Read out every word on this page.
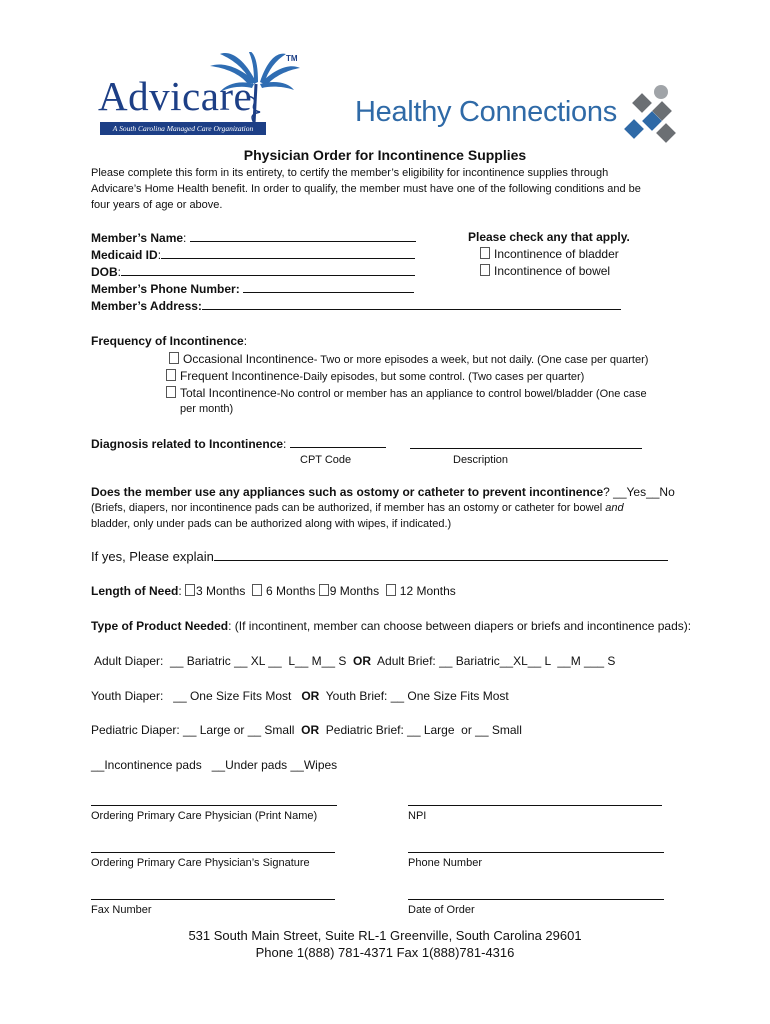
Advicare
TM
A South Carolina Managed Care Organization
Healthy Connections
Physician Order for Incontinence Supplies
Please complete this form in its entirety, to certify the member’s eligibility for incontinence supplies through
Advicare’s Home Health benefit. In order to qualify, the member must have one of the following conditions and be
four years of age or above.
Member’s Name:
Medicaid ID:
DOB:
Member’s Phone Number:
Member’s Address:
Please check any that apply.
Incontinence of bladder
Incontinence of bowel
Frequency of Incontinence:
Occasional Incontinence- Two or more episodes a week, but not daily. (One case per quarter)
Frequent Incontinence-Daily episodes, but some control. (Two cases per quarter)
Total Incontinence-No control or member has an appliance to control bowel/bladder (One case
per month)
Diagnosis related to Incontinence:
CPT Code	Description
Does the member use any appliances such as ostomy or catheter to prevent incontinence? __Yes__No
(Briefs, diapers, nor incontinence pads can be authorized, if member has an ostomy or catheter for bowel and
bladder, only under pads can be authorized along with wipes, if indicated.)
If yes, Please explain
Length of Need: 3 Months 6 Months 9 Months 12 Months
Type of Product Needed: (If incontinent, member can choose between diapers or briefs and incontinence pads):
Adult Diaper:  __ Bariatric __ XL __  L__ M__ S  OR  Adult Brief: __ Bariatric__XL__ L  __M ___ S
Youth Diaper:   __ One Size Fits Most   OR  Youth Brief: __ One Size Fits Most
Pediatric Diaper: __ Large or __ Small  OR  Pediatric Brief: __ Large  or __ Small
__Incontinence pads   __Under pads __Wipes
Ordering Primary Care Physician (Print Name)	NPI
Ordering Primary Care Physician’s Signature	Phone Number
Fax Number	Date of Order
531 South Main Street, Suite RL-1 Greenville, South Carolina 29601
Phone 1(888) 781-4371 Fax 1(888)781-4316
